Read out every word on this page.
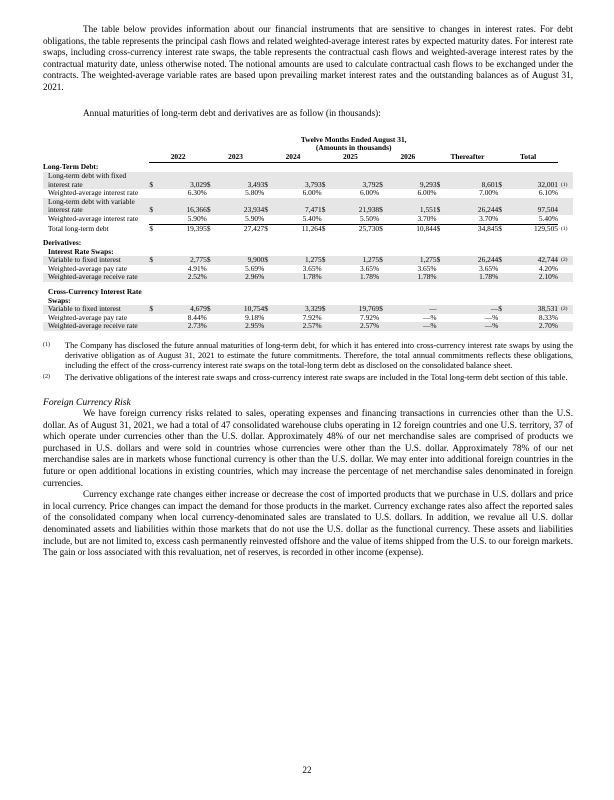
The table below provides information about our financial instruments that are sensitive to changes in interest rates. For debt obligations, the table represents the principal cash flows and related weighted-average interest rates by expected maturity dates. For interest rate swaps, including cross-currency interest rate swaps, the table represents the contractual cash flows and weighted-average interest rates by the contractual maturity date, unless otherwise noted. The notional amounts are used to calculate contractual cash flows to be exchanged under the contracts. The weighted-average variable rates are based upon prevailing market interest rates and the outstanding balances as of August 31, 2021.

Annual maturities of long-term debt and derivatives are as follow (in thousands):

	Twelve Months Ended August 31,														
	(Amounts in thousands)														
	2022		2023		2024		2025		2026		Thereafter		Total		
Long-Term Debt:															
Long-term debt with fixed interest rate	$	3,029	$	3,493	$	3,793	$	3,792	$	9,293	$	8,601	$	32,001	(1)
Weighted-average interest rate		6.30%		5.80%		6.00%		6.00%		6.00%		7.00%		6.10%	
Long-term debt with variable interest rate	$	16,366	$	23,934	$	7,471	$	21,938	$	1,551	$	26,244	$	97,504	
Weighted-average interest rate		5.90%		5.90%		5.40%		5.50%		3.70%		3.70%		5.40%	
Total long-term debt	$	19,395	$	27,427	$	11,264	$	25,730	$	10,844	$	34,845	$	129,505	(1)

Derivatives:															
Interest Rate Swaps:															
Variable to fixed interest	$	2,775	$	9,900	$	1,275	$	1,275	$	1,275	$	26,244	$	42,744	(2)
Weighted-average pay rate		4.91%		5.69%		3.65%		3.65%		3.65%		3.65%		4.20%	
Weighted-average receive rate		2.52%		2.96%		1.78%		1.78%		1.78%		1.78%		2.10%	

Cross-Currency Interest Rate Swaps:															
Variable to fixed interest	$	4,679	$	10,754	$	3,329	$	19,769	$	—		—	$	38,531	(2)
Weighted-average pay rate		8.44%		9.18%		7.92%		7.92%		—%		—%		8.33%	
Weighted-average receive rate		2.73%		2.95%		2.57%		2.57%		—%		—%		2.70%	
(1)	The Company has disclosed the future annual maturities of long-term debt, for which it has entered into cross-currency interest rate swaps by using the derivative obligation as of August 31, 2021 to estimate the future commitments. Therefore, the total annual commitments reflects these obligations, including the effect of the cross-currency interest rate swaps on the total-long term debt as disclosed on the consolidated balance sheet.
(2)	The derivative obligations of the interest rate swaps and cross-currency interest rate swaps are included in the Total long-term debt section of this table.
Foreign Currency Risk

We have foreign currency risks related to sales, operating expenses and financing transactions in currencies other than the U.S. dollar. As of August 31, 2021, we had a total of 47 consolidated warehouse clubs operating in 12 foreign countries and one U.S. territory, 37 of which operate under currencies other than the U.S. dollar. Approximately 48% of our net merchandise sales are comprised of products we purchased in U.S. dollars and were sold in countries whose currencies were other than the U.S. dollar. Approximately 78% of our net merchandise sales are in markets whose functional currency is other than the U.S. dollar. We may enter into additional foreign countries in the future or open additional locations in existing countries, which may increase the percentage of net merchandise sales denominated in foreign currencies.

Currency exchange rate changes either increase or decrease the cost of imported products that we purchase in U.S. dollars and price in local currency. Price changes can impact the demand for those products in the market. Currency exchange rates also affect the reported sales of the consolidated company when local currency-denominated sales are translated to U.S. dollars. In addition, we revalue all U.S. dollar denominated assets and liabilities within those markets that do not use the U.S. dollar as the functional currency. These assets and liabilities include, but are not limited to, excess cash permanently reinvested offshore and the value of items shipped from the U.S. to our foreign markets. The gain or loss associated with this revaluation, net of reserves, is recorded in other income (expense).

22
